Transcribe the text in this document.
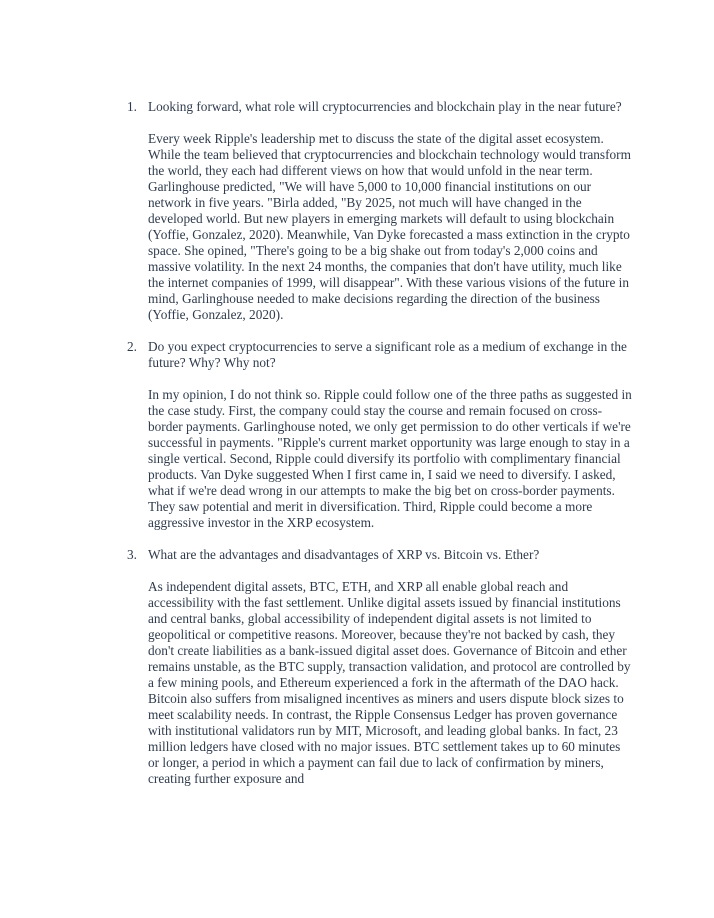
1. Looking forward, what role will cryptocurrencies and blockchain play in the near future?

Every week Ripple's leadership met to discuss the state of the digital asset ecosystem. While the team believed that cryptocurrencies and blockchain technology would transform the world, they each had different views on how that would unfold in the near term. Garlinghouse predicted, "We will have 5,000 to 10,000 financial institutions on our network in five years. "Birla added, "By 2025, not much will have changed in the developed world. But new players in emerging markets will default to using blockchain (Yoffie, Gonzalez, 2020). Meanwhile, Van Dyke forecasted a mass extinction in the crypto space. She opined, "There's going to be a big shake out from today's 2,000 coins and massive volatility. In the next 24 months, the companies that don't have utility, much like the internet companies of 1999, will disappear". With these various visions of the future in mind, Garlinghouse needed to make decisions regarding the direction of the business (Yoffie, Gonzalez, 2020).

2. Do you expect cryptocurrencies to serve a significant role as a medium of exchange in the future? Why? Why not?

In my opinion, I do not think so. Ripple could follow one of the three paths as suggested in the case study. First, the company could stay the course and remain focused on cross-border payments. Garlinghouse noted, we only get permission to do other verticals if we're successful in payments. "Ripple's current market opportunity was large enough to stay in a single vertical. Second, Ripple could diversify its portfolio with complimentary financial products. Van Dyke suggested When I first came in, I said we need to diversify. I asked, what if we're dead wrong in our attempts to make the big bet on cross-border payments. They saw potential and merit in diversification. Third, Ripple could become a more aggressive investor in the XRP ecosystem.

3. What are the advantages and disadvantages of XRP vs. Bitcoin vs. Ether?

As independent digital assets, BTC, ETH, and XRP all enable global reach and accessibility with the fast settlement. Unlike digital assets issued by financial institutions and central banks, global accessibility of independent digital assets is not limited to geopolitical or competitive reasons. Moreover, because they're not backed by cash, they don't create liabilities as a bank-issued digital asset does. Governance of Bitcoin and ether remains unstable, as the BTC supply, transaction validation, and protocol are controlled by a few mining pools, and Ethereum experienced a fork in the aftermath of the DAO hack. Bitcoin also suffers from misaligned incentives as miners and users dispute block sizes to meet scalability needs. In contrast, the Ripple Consensus Ledger has proven governance with institutional validators run by MIT, Microsoft, and leading global banks. In fact, 23 million ledgers have closed with no major issues. BTC settlement takes up to 60 minutes or longer, a period in which a payment can fail due to lack of confirmation by miners, creating further exposure and
